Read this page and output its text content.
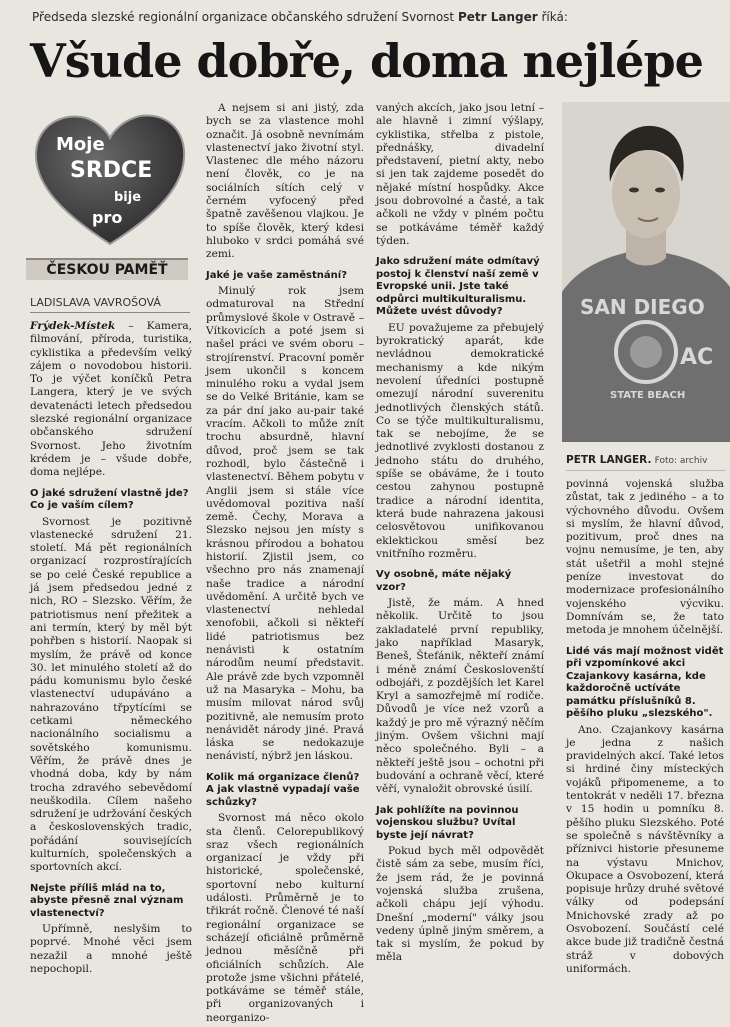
Předseda slezské regionální organizace občanského sdružení Svornost Petr Langer říká:
Všude dobře, doma nejlépe
Moje
SRDCE
bije
pro
ČESKOU PAMĚŤ
LADISLAVA VAVROŠOVÁ

Frýdek-Místek – Kamera, filmování, příroda, turistika, cyklistika a především velký zájem o novodobou historii. To je výčet koníčků Petra Langera, který je ve svých devatenácti letech předsedou slezské regionální organizace občanského sdružení Svornost. Jeho životním krédem je – všude dobře, doma nejlépe.

O jaké sdružení vlastně jde? Co je vaším cílem?

Svornost je pozitivně vlastenecké sdružení 21. století. Má pět regionálních organizací rozprostírajících se po celé České republice a já jsem předsedou jedné z nich, RO – Slezsko. Věřím, že patriotismus není přežitek a ani termín, který by měl být pohřben s historií. Naopak si myslím, že právě od konce 30. let minulého století až do pádu komunismu bylo české vlastenectví udupáváno a nahrazováno třpytícími se cetkami německého nacionálního socialismu a sovětského komunismu. Věřím, že právě dnes je vhodná doba, kdy by nám trocha zdravého sebevědomí neuškodila. Cílem našeho sdružení je udržování českých a československých tradic, pořádání souvisejících kulturních, společenských a sportovních akcí.

Nejste příliš mlád na to, abyste přesně znal význam vlastenectví?

Upřímně, neslyšim to poprvé. Mnohé věci jsem nezažil a mnohé ještě nepochopil.

A nejsem si ani jistý, zda bych se za vlastence mohl označit. Já osobně nevnímám vlastenectví jako životní styl. Vlastenec dle mého názoru není člověk, co je na sociálních sítích celý v černém vyfocený před špatně zavěšenou vlajkou. Je to spíše člověk, který kdesi hluboko v srdci pomáhá své zemi.

Jaké je vaše zaměstnání?

Minulý rok jsem odmaturoval na Střední průmyslové škole v Ostravě – Vítkovicích a poté jsem si našel práci ve svém oboru – strojírenství. Pracovní poměr jsem ukončil s koncem minulého roku a vydal jsem se do Velké Británie, kam se za pár dní jako au-pair také vracím. Ačkoli to může znít trochu absurdně, hlavní důvod, proč jsem se tak rozhodl, bylo částečně i vlastenectví. Během pobytu v Anglii jsem si stále více uvědomoval pozitiva naší země. Čechy, Morava a Slezsko nejsou jen místy s krásnou přírodou a bohatou historií. Zjistil jsem, co všechno pro nás znamenají naše tradice a národní uvědomění. A určitě bych ve vlastenectví nehledal xenofobii, ačkoli si někteří lidé patriotismus bez nenávisti k ostatním národům neumí představit. Ale právě zde bych vzpomněl už na Masaryka – Mohu, ba musím milovat národ svůj pozitivně, ale nemusím proto nenávidět národy jiné. Pravá láska se nedokazuje nenávistí, nýbrž jen láskou.

Kolik má organizace členů? A jak vlastně vypadají vaše schůzky?

Svornost má něco okolo sta členů. Celorepublikový sraz všech regionálních organizací je vždy při historické, společenské, sportovní nebo kulturní události. Průměrně je to třikrát ročně. Členové té naší regionální organizace se scházejí oficiálně průměrně jednou měsíčně při oficiálních schůzích. Ale protože jsme všichni přátelé, potkáváme se téměř stále, při organizovaných i neorganizo-

vaných akcích, jako jsou letní – ale hlavně i zimní výšlapy, cyklistika, střelba z pistole, přednášky, divadelní představení, pietní akty, nebo si jen tak zajdeme posedět do nějaké místní hospůdky. Akce jsou dobrovolné a časté, a tak ačkoli ne vždy v plném počtu se potkáváme téměř každý týden.

Jako sdružení máte odmítavý postoj k členství naší země v Evropské unii. Jste také odpůrci multikulturalismu. Můžete uvést důvody?

EU považujeme za přebujelý byrokratický aparát, kde nevládnou demokratické mechanismy a kde nikým nevolení úředníci postupně omezují národní suverenitu jednotlivých členských států. Co se týče multikulturalismu, tak se nebojíme, že se jednotlivé zvyklosti dostanou z jednoho státu do druhého, spíše se obáváme, že i touto cestou zahynou postupně tradice a národní identita, která bude nahrazena jakousi celosvětovou unifikovanou eklektickou směsí bez vnitřního rozměru.

Vy osobně, máte nějaký vzor?

Jistě, že mám. A hned několik. Určitě to jsou zakladatelé první republiky, jako například Masaryk, Beneš, Štefánik, někteří známí i méně známí Českoslovenští odbojáři, z pozdějších let Karel Kryl a samozřejmě mí rodiče. Důvodů je více než vzorů a každý je pro mě výrazný něčím jiným. Ovšem všichni mají něco společného. Byli – a někteří ještě jsou – ochotni při budování a ochraně věcí, které věří, vynaložit obrovské úsilí.

Jak pohlížíte na povinnou vojenskou službu? Uvítal byste její návrat?

Pokud bych měl odpovědět čistě sám za sebe, musím říci, že jsem rád, že je povinná vojenská služba zrušena, ačkoli chápu její výhodu. Dnešní „moderní" války jsou vedeny úplně jiným směrem, a tak si myslím, že pokud by měla

SAN DIEGO
AC
STATE BEACH
PETR LANGER. Foto: archiv

povinná vojenská služba zůstat, tak z jediného – a to výchovného důvodu. Ovšem si myslím, že hlavní důvod, pozitivum, proč dnes na vojnu nemusíme, je ten, aby stát ušetřil a mohl stejné peníze investovat do modernizace profesionálního vojenského výcviku. Domnívám se, že tato metoda je mnohem účelnější.

Lidé vás mají možnost vidět při vzpomínkové akci Czajankovy kasárna, kde každoročně uctíváte památku příslušníků 8. pěšího pluku „slezského".

Ano. Czajankovy kasárna je jedna z našich pravidelných akcí. Také letos si hrdiné činy místeckých vojáků připomeneme, a to tentokrát v neděli 17. března v 15 hodin u pomníku 8. pěšího pluku Slezského. Poté se společně s návštěvníky a příznivci historie přesuneme na výstavu Mnichov, Okupace a Osvobození, která popisuje hrůzy druhé světové války od podepsání Mnichovské zrady až po Osvobození. Součástí celé akce bude již tradičně čestná stráž v dobových uniformách.
